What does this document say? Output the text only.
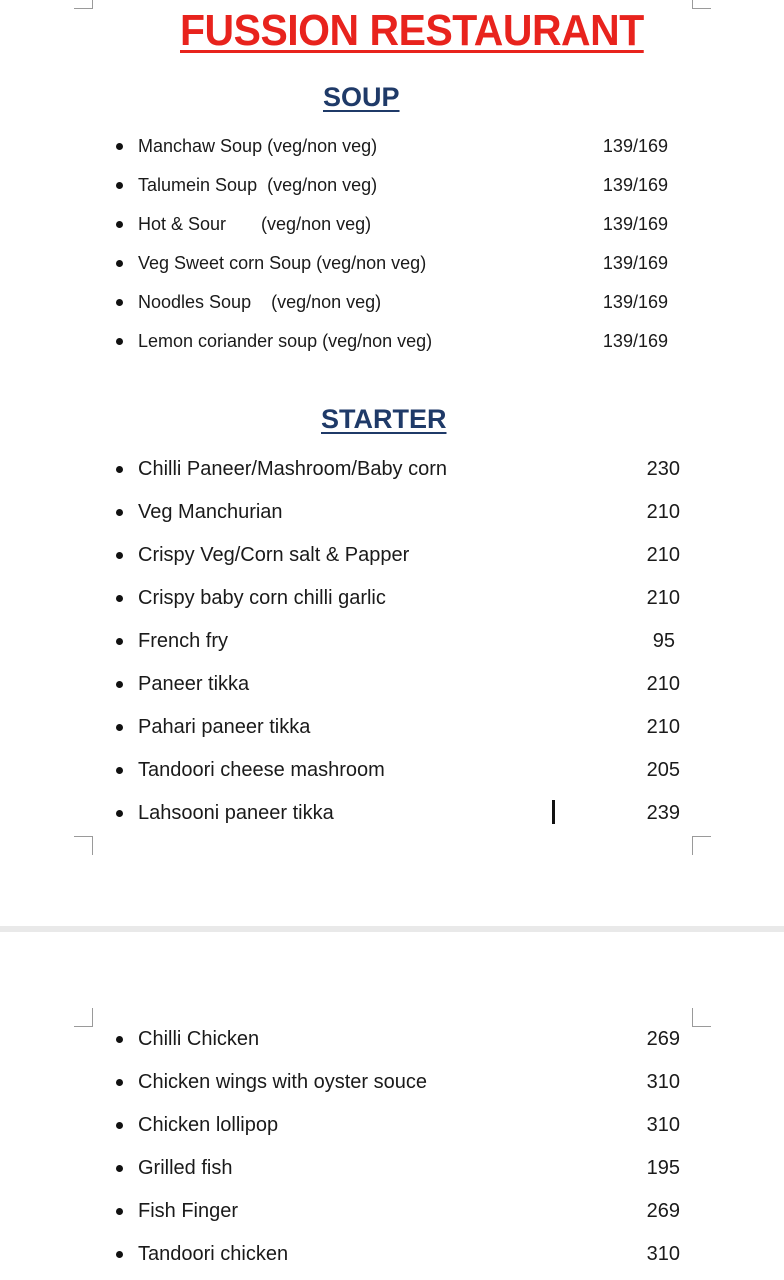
FUSSION RESTAURANT
SOUP
Manchaw Soup (veg/non veg)	139/169
Talumein Soup  (veg/non veg)	139/169
Hot & Sour       (veg/non veg)	139/169
Veg Sweet corn Soup (veg/non veg)	139/169
Noodles Soup    (veg/non veg)	139/169
Lemon coriander soup (veg/non veg)	139/169
STARTER
Chilli Paneer/Mashroom/Baby corn	230
Veg Manchurian	210
Crispy Veg/Corn salt & Papper	210
Crispy baby corn chilli garlic	210
French fry	95
Paneer tikka	210
Pahari paneer tikka	210
Tandoori cheese mashroom	205
Lahsooni paneer tikka	239
Chilli Chicken	269
Chicken wings with oyster souce	310
Chicken lollipop	310
Grilled fish	195
Fish Finger	269
Tandoori chicken	310
